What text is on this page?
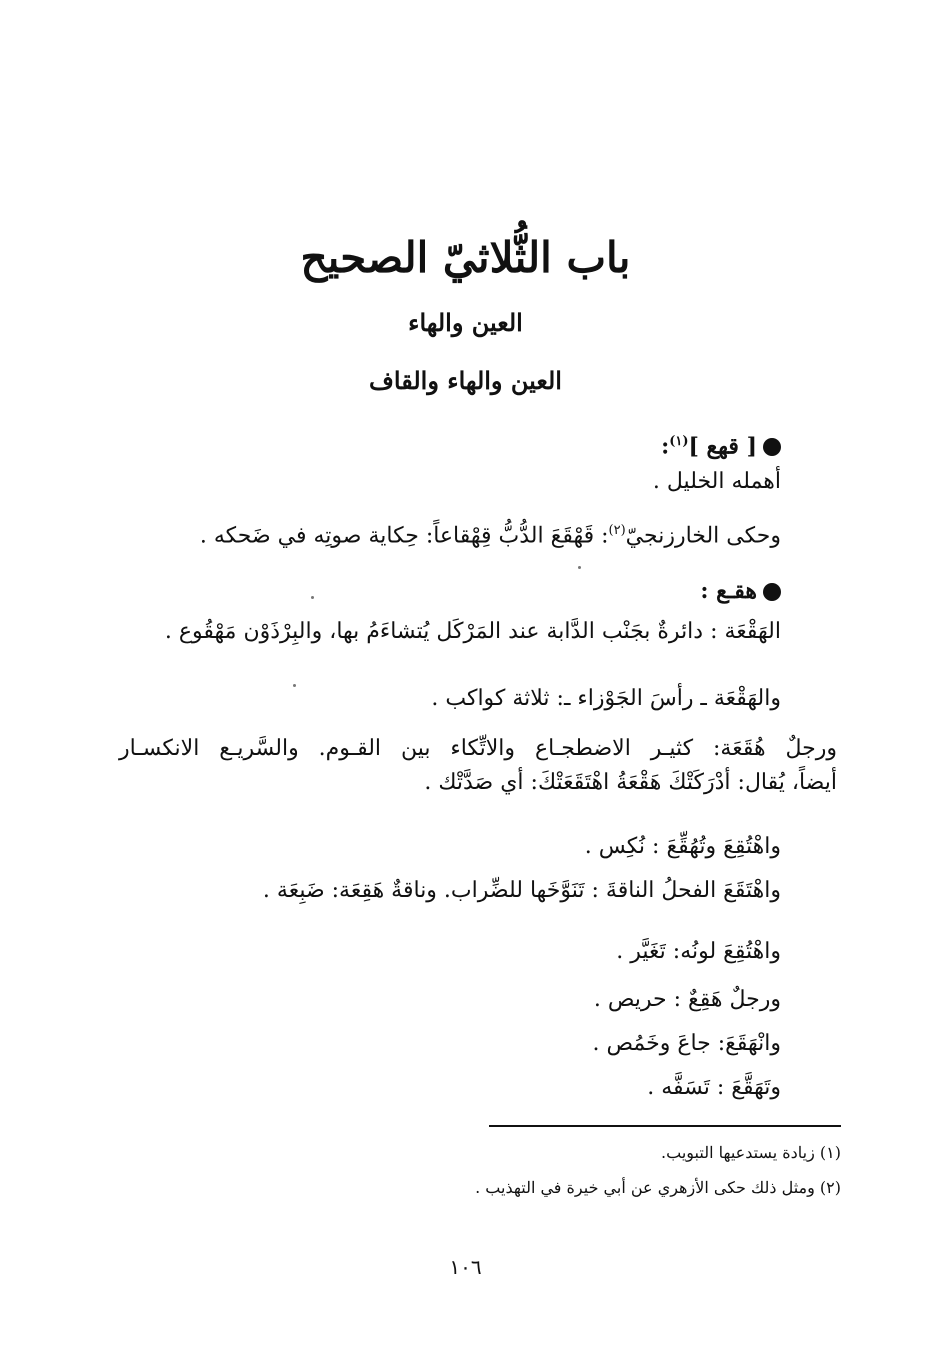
باب الثُّلاثيّ الصحيح
العين والهاء
العين والهاء والقاف
[ قهع ]$^{(١)}$:
أهمله الخليل .
وحكى الخارزنجيّ$^{(٢)}$: قَهْقَعَ الدُّبُّ قِهْقاعاً: حِكاية صوتِه في ضَحكه .
هقـع :
الهَقْعَة : دائرةٌ بجَنْب الدَّابة عند المَرْكَل يُتشاءَمُ بها، والبِرْذَوْن مَهْقُوع .
والهَقْعَة ـ رأسَ الجَوْزاء ـ: ثلاثة كواكب .
ورجلٌ هُقَعَة: كثيـر الاضطجـاع والاتِّكاء بين القـوم. والسَّريـع الانكسـار
أيضاً، يُقال: أدْرَكَتْكَ هَقْعَةُ اهْتَقَعَتْكَ: أي صَدَّتْك .
واهْتُقِعَ وتُهُقِّعَ : نُكِس .
واهْتَقَعَ الفحلُ الناقةَ : تَنَوَّخَها للضِّراب. وناقةٌ هَقِعَة: ضَبِعَة .
واهْتُقِعَ لونُه: تَغَيَّر .
ورجلٌ هَقِعٌ : حريص .
وانْهَقَعَ: جاعَ وخَمُص .
وتَهَقَّعَ : تَسَفَّه .
(١) زيادة يستدعيها التبويب.
(٢) ومثل ذلك حكى الأزهري عن أبي خيرة في التهذيب .
١٠٦
